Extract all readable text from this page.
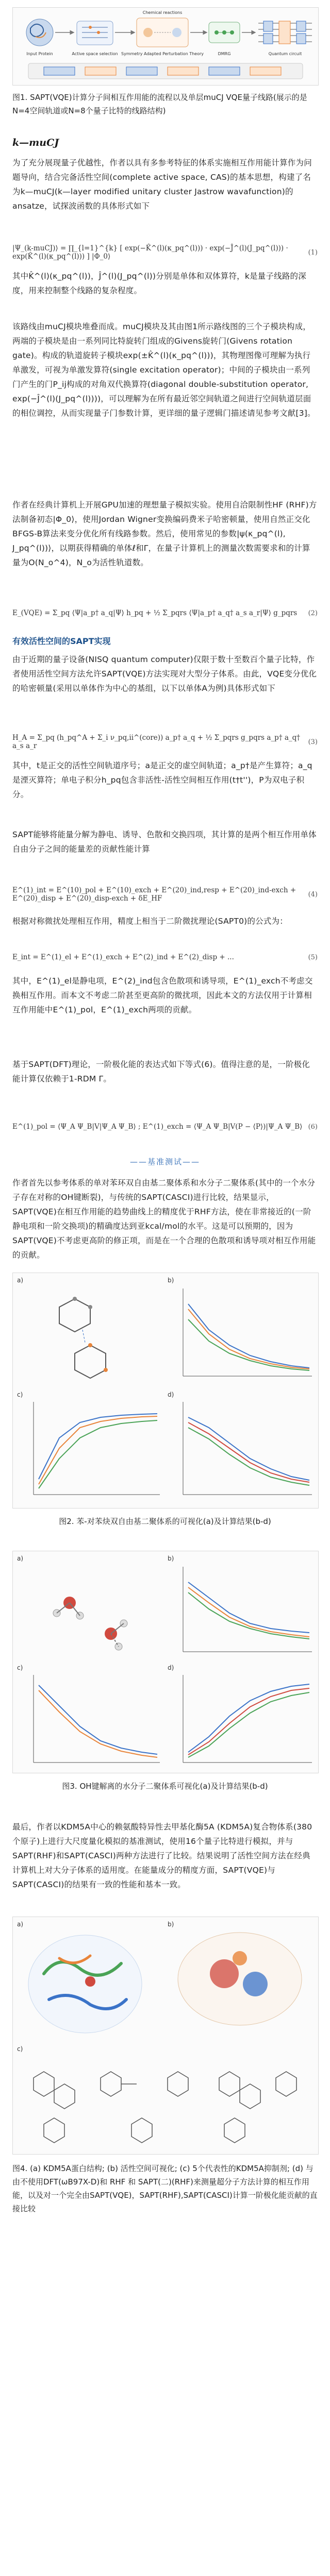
Input Protein	Active space selection
Chemical reactions
Symmetry Adapted Perturbation Theory	DMRG	Quantum circuit
图1. SAPT(VQE)计算分子间相互作用能的流程以及单层muCJ VQE量子线路(展示的是N=4空间轨道或N=8个量子比特的线路结构)
k—muCJ

为了充分展现量子优越性，作者以具有多参考特征的体系实施相互作用能计算作为问题导向，结合完备活性空间(complete active space, CAS)的基本思想，构建了名为k—muCJ(k—layer modified unitary cluster Jastrow wavafunction)的ansatze，试探波函数的具体形式如下

|Ψ_(k-muCJ)⟩ = ∏_{l=1}^{k} [ exp(−K̂^(l)(κ_pq^(l))) · exp(−Ĵ^(l)(J_pq^(l))) · exp(K̂^(l)(κ_pq^(l))) ] |Φ_0⟩	(1)

其中K̂^(l)(κ_pq^(l))，Ĵ^(l)(J_pq^(l))分别是单体和双体算符，k是量子线路的深度，用来控制整个线路的复杂程度。

该路线由muCJ模块堆叠而成。muCJ模块及其由图1所示路线图的三个子模块构成，两端的子模块是由一系列同比特旋转门组成的Givens旋转门(Givens rotation gate)。构成的轨道旋转子模块exp(±K̂^(l)(κ_pq^(l)))，其物理图像可理解为执行单激发，可视为单激发算符(single excitation operator)；中间的子模块由一系列门产生的门P_ij构成的对角双代换算符(diagonal double-substitution operator, exp(−Ĵ^(l)(J_pq^(l))))，可以理解为在所有最近邻空间轨道之间进行空间轨道层面的相位调控，从而实现量子门参数计算，更详细的量子逻辑门描述请见参考文献[3]。

作者在经典计算机上开展GPU加速的理想量子模拟实验。使用自洽限制性HF (RHF)方法制备初态|Φ_0⟩，使用Jordan Wigner变换编码费米子哈密顿量，使用自然正交化BFGS-B算法来变分优化所有线路参数。然后，使用常见的参数|ψ(κ_pq^(l), J_pq^(l))⟩，以期获得精确的单体ℓ和Γ，在量子计算机上的测量次数需要求和的计算量为O(N_o^4)，N_o为活性轨道数。

E_(VQE) = Σ_pq ⟨Ψ|a_p† a_q|Ψ⟩ h_pq + ½ Σ_pqrs ⟨Ψ|a_p† a_q† a_s a_r|Ψ⟩ g_pqrs (2)
有效活性空间的SAPT实现

由于近期的量子设备(NISQ quantum computer)仅限于数十至数百个量子比特，作者使用活性空间方法允许SAPT(VQE)方法实现对大型分子体系。由此，VQE变分优化的哈密顿量(采用以单体作为中心的基组，以下以单体A为例)具体形式如下

H_A = Σ_pq (h_pq^A + Σ_i ν_pq,ii^(core)) a_p† a_q + ½ Σ_pqrs g_pqrs a_p† a_q† a_s a_r	(3)

其中，t是正交的活性空间轨道序号；a是正交的虚空间轨道；a_p†是产生算符；a_q是湮灭算符；单电子积分h_pq包含非活性-活性空间相互作用(t†t'')，P为双电子积分。

SAPT能够将能量分解为静电、诱导、色散和交换四项，其计算的是两个相互作用单体自由分子之间的能量差的贡献性能计算

E^(1)_int = E^(10)_pol + E^(10)_exch + E^(20)_ind,resp + E^(20)_ind-exch + E^(20)_disp + E^(20)_disp-exch + δE_HF	(4)

根据对称微扰处理相互作用，精度上相当于二阶微扰理论(SAPT0)的公式为：

E_int = E^(1)_el + E^(1)_exch + E^(2)_ind + E^(2)_disp + ...	(5)

其中，E^(1)_el是静电项，E^(2)_ind包含色散项和诱导项，E^(1)_exch不考虑交换相互作用。而本文不考虑二阶甚至更高阶的微扰项，因此本文的方法仅用于计算相互作用能中E^(1)_pol，E^(1)_exch两项的贡献。

基于SAPT(DFT)理论，一阶极化能的表达式如下等式(6)。值得注意的是，一阶极化能计算仅依赖于1-RDM Γ。

E^(1)_pol = ⟨Ψ_A Ψ_B|V|Ψ_A Ψ_B⟩ ; E^(1)_exch = ⟨Ψ_A Ψ_B|V(P − ⟨P⟩)|Ψ_A Ψ_B⟩ (6)
——基准测试——

作者首先以参考体系的单对苯环双自由基二聚体系和水分子二聚体系(其中的一个水分子存在对称的OH键断裂)，与传统的SAPT(CASCI)进行比较，结果显示，SAPT(VQE)在相互作用能的趋势曲线上的精度优于RHF方法，使在非常接近的(一阶静电项和一阶交换项)的精确度达到亚kcal/mol的水平。这是可以预期的，因为SAPT(VQE)不考虑更高阶的修正项，而是在一个合理的色散项和诱导项对相互作用能的贡献。

a)	b)
c)	d)
图2. 苯-对苯炔双自由基二聚体系的可视化(a)及计算结果(b-d)
a)	b)
c)	d)
图3. OH键解离的水分子二聚体系可视化(a)及计算结果(b-d)

最后，作者以KDM5A中心的赖氨酸特异性去甲基化酶5A (KDM5A)复合物体系(380个原子)上进行大尺度量化模拟的基准测试，使用16个量子比特进行模拟，并与SAPT(RHF)和SAPT(CASCI)两种方法进行了比较。结果说明了活性空间方法在经典计算机上对大分子体系的适用度。在能量成分的精度方面，SAPT(VQE)与SAPT(CASCI)的结果有一致的性能和基本一致。

a)	b)
c)
图4. (a) KDM5A蛋白结构; (b) 活性空间可视化; (c) 5个代表性的KDM5A抑制剂; (d) 与由不使用DFT(ωB97X-D)和 RHF 和 SAPT(二)(RHF)来测量超分子方法计算的相互作用能，以及对一个完全由SAPT(VQE)，SAPT(RHF),SAPT(CASCI)计算一阶极化能贡献的直接比较
